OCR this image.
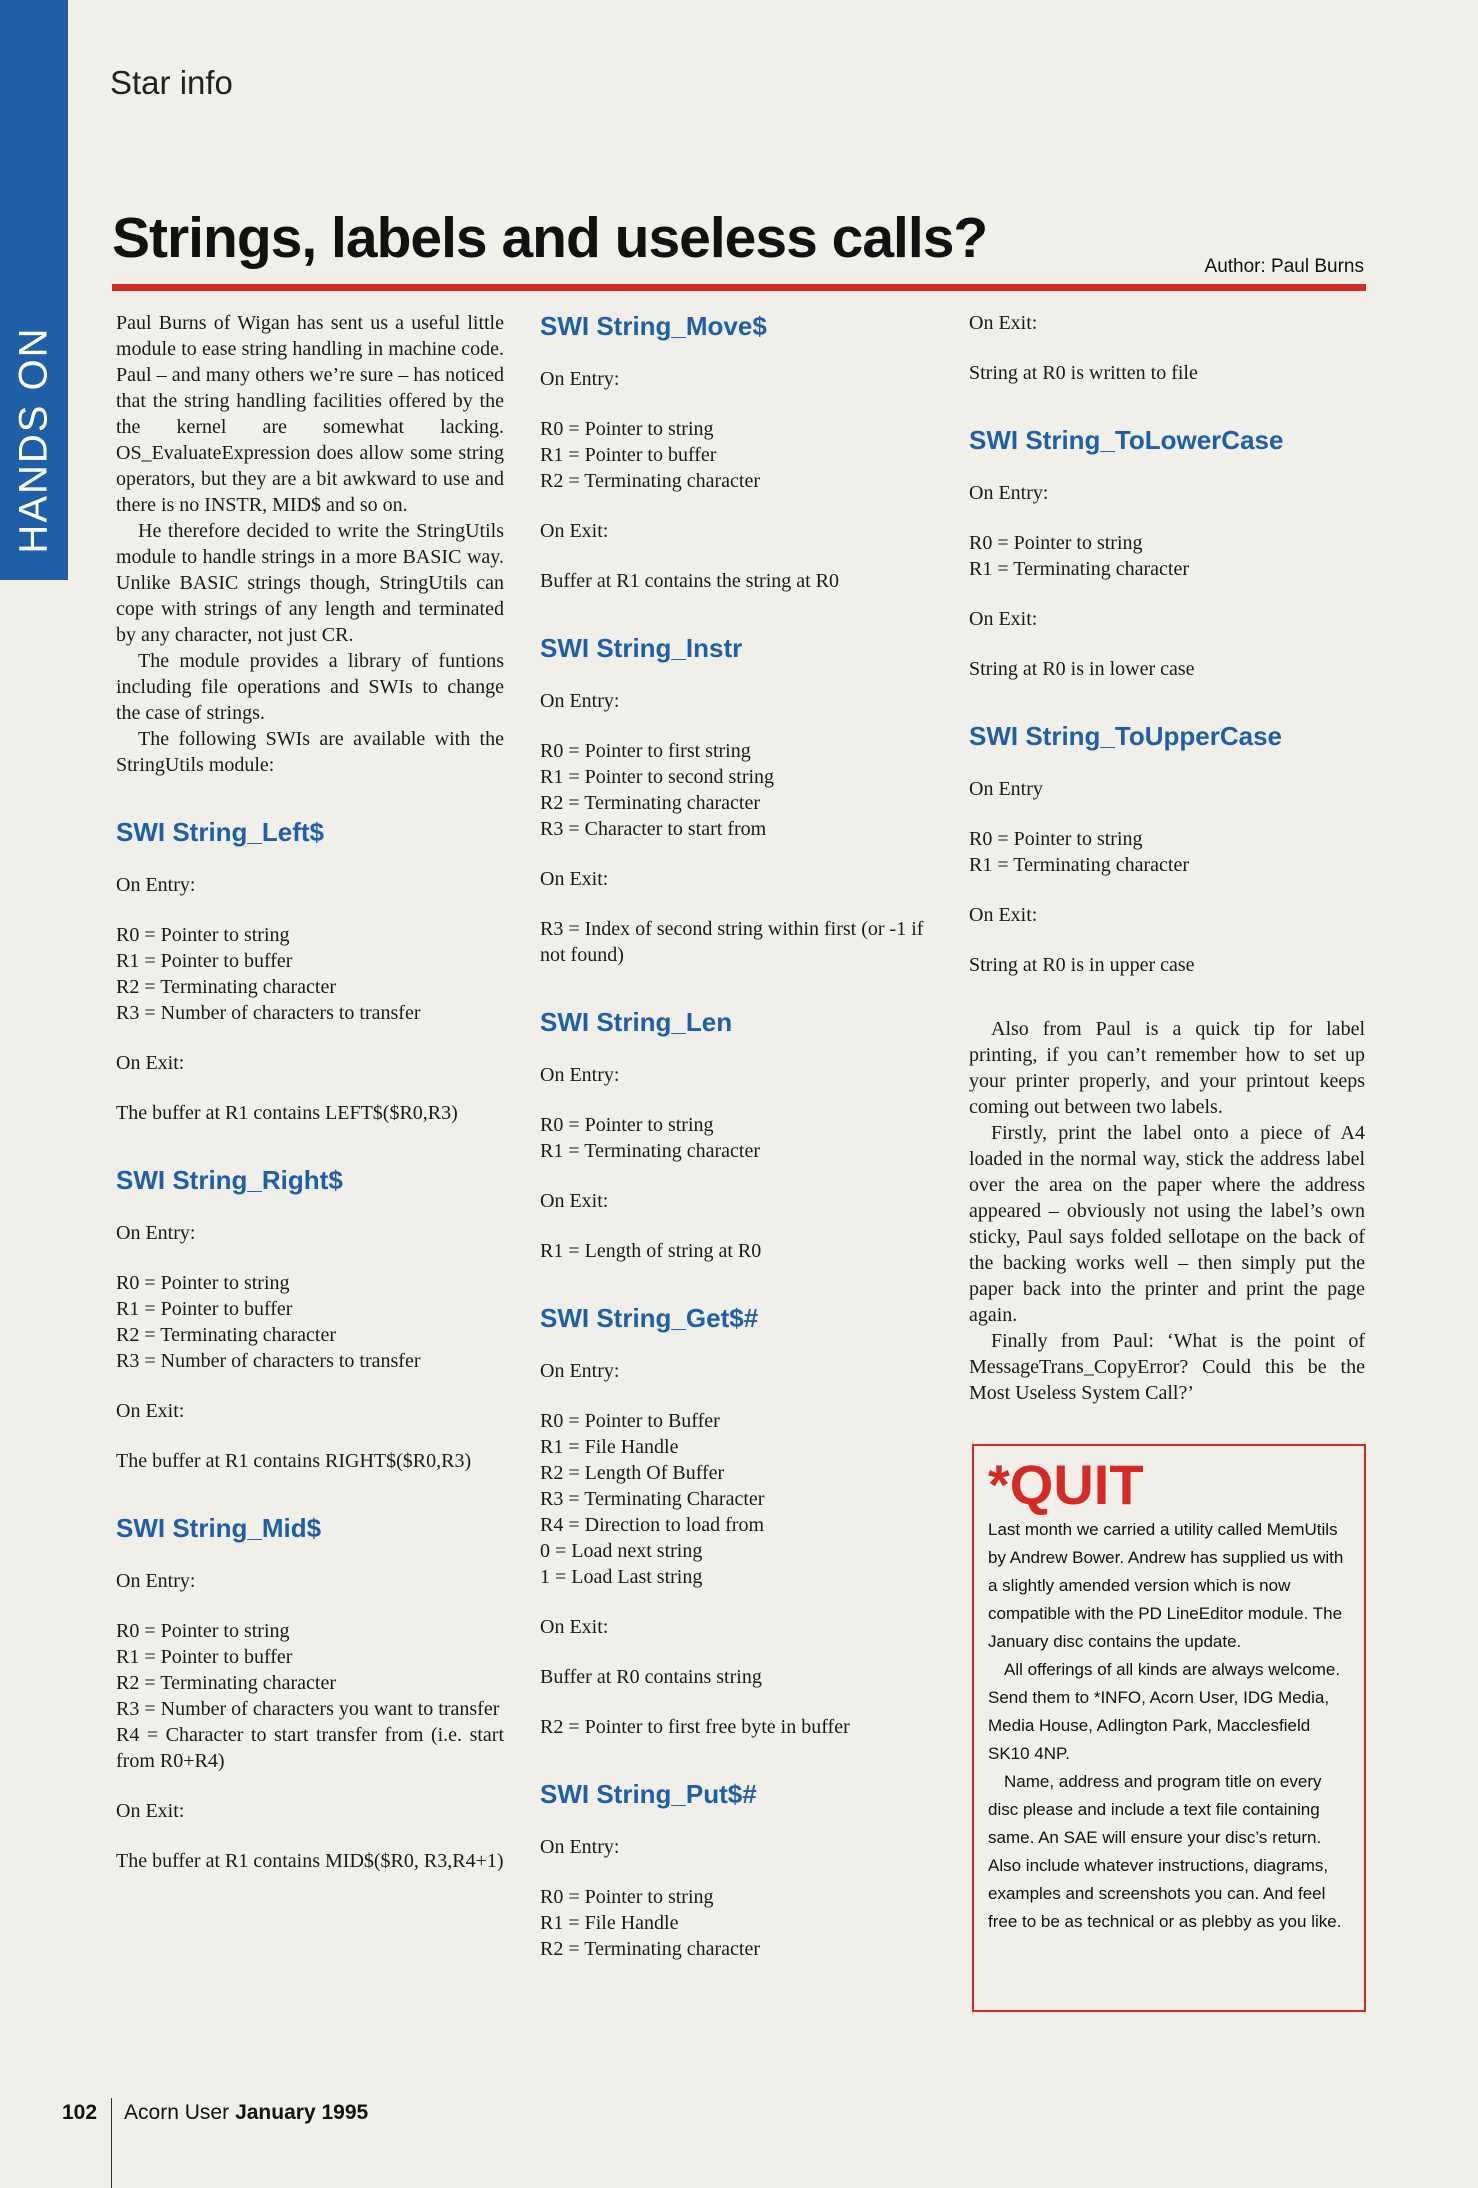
HANDS ON
Star info
Strings, labels and useless calls?	Author: Paul Burns

Paul Burns of Wigan has sent us a useful little module to ease string handling in machine code. Paul – and many others we’re sure – has noticed that the string handling facilities offered by the the kernel are somewhat lacking. OS_EvaluateExpression does allow some string operators, but they are a bit awkward to use and there is no INSTR, MID$ and so on.

He therefore decided to write the StringUtils module to handle strings in a more BASIC way. Unlike BASIC strings though, StringUtils can cope with strings of any length and terminated by any character, not just CR.

The module provides a library of funtions including file operations and SWIs to change the case of strings.

The following SWIs are available with the StringUtils module:

SWI String_Left$

On Entry:

R0 = Pointer to string
R1 = Pointer to buffer
R2 = Terminating character
R3 = Number of characters to transfer

On Exit:

The buffer at R1 contains LEFT$($R0,R3)

SWI String_Right$

On Entry:

R0 = Pointer to string
R1 = Pointer to buffer
R2 = Terminating character
R3 = Number of characters to transfer

On Exit:

The buffer at R1 contains RIGHT$($R0,R3)

SWI String_Mid$

On Entry:

R0 = Pointer to string
R1 = Pointer to buffer
R2 = Terminating character
R3 = Number of characters you want to transfer
R4 = Character to start transfer from (i.e. start from R0+R4)

On Exit:

The buffer at R1 contains MID$($R0, R3,R4+1)

SWI String_Move$

On Entry:

R0 = Pointer to string
R1 = Pointer to buffer
R2 = Terminating character

On Exit:

Buffer at R1 contains the string at R0

SWI String_Instr

On Entry:

R0 = Pointer to first string
R1 = Pointer to second string
R2 = Terminating character
R3 = Character to start from

On Exit:

R3 = Index of second string within first (or -1 if not found)

SWI String_Len

On Entry:

R0 = Pointer to string
R1 = Terminating character

On Exit:

R1 = Length of string at R0

SWI String_Get$#

On Entry:

R0 = Pointer to Buffer
R1 = File Handle
R2 = Length Of Buffer
R3 = Terminating Character
R4 = Direction to load from
0 = Load next string
1 = Load Last string

On Exit:

Buffer at R0 contains string

R2 = Pointer to first free byte in buffer

SWI String_Put$#

On Entry:

R0 = Pointer to string
R1 = File Handle
R2 = Terminating character

On Exit:

String at R0 is written to file

SWI String_ToLowerCase

On Entry:

R0 = Pointer to string
R1 = Terminating character

On Exit:

String at R0 is in lower case

SWI String_ToUpperCase

On Entry

R0 = Pointer to string
R1 = Terminating character

On Exit:

String at R0 is in upper case

Also from Paul is a quick tip for label printing, if you can’t remember how to set up your printer properly, and your printout keeps coming out between two labels.

Firstly, print the label onto a piece of A4 loaded in the normal way, stick the address label over the area on the paper where the address appeared – obviously not using the label’s own sticky, Paul says folded sellotape on the back of the backing works well – then simply put the paper back into the printer and print the page again.

Finally from Paul: ‘What is the point of MessageTrans_CopyError? Could this be the Most Useless System Call?’

*QUIT

Last month we carried a utility called MemUtils by Andrew Bower. Andrew has supplied us with a slightly amended version which is now compatible with the PD LineEditor module. The January disc contains the update.

All offerings of all kinds are always welcome. Send them to *INFO, Acorn User, IDG Media, Media House, Adlington Park, Macclesfield SK10 4NP.

Name, address and program title on every disc please and include a text file containing same. An SAE will ensure your disc’s return. Also include whatever instructions, diagrams, examples and screenshots you can. And feel free to be as technical or as plebby as you like.

102 Acorn User January 1995
